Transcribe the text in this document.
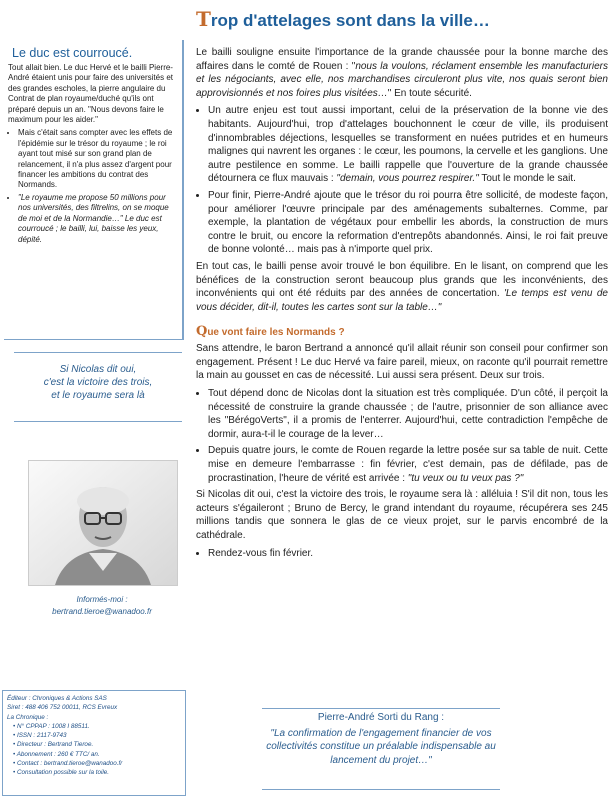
Le duc est courroucé.

Tout allait bien. Le duc Hervé et le bailli Pierre-André étaient unis pour faire des universités et des grandes escholes, la pierre angulaire du Contrat de plan royaume/duché qu'ils ont préparé depuis un an. "Nous devons faire le maximum pour les aider."

• Mais c'était sans compter avec les effets de l'épidémie sur le trésor du royaume ; le roi ayant tout misé sur son grand plan de relancement, il n'a plus assez d'argent pour financer les ambitions du contrat des Normands.
• "Le royaume me propose 50 millions pour nos universités, des filtrelins, on se moque de moi et de la Normandie…" Le duc est courroucé ; le bailli, lui, baisse les yeux, dépité.
Si Nicolas dit oui,
c'est la victoire des trois,
et le royaume sera là
Informés-moi :
bertrand.tieroe@wanadoo.fr
Éditeur : Chroniques & Actions SAS
Siret : 488 406 752 00011, RCS Evreux
La Chronique :
• N° CPPAP : 1008 I 88511.
• ISSN : 2117-9743
• Directeur : Bertrand Tieroe.
• Abonnement : 260 € TTC/ an.
• Contact : bertrand.tieroe@wanadoo.fr
• Consultation possible sur la toile.
Trop d'attelages sont dans la ville…

Le bailli souligne ensuite l'importance de la grande chaussée pour la bonne marche des affaires dans le comté de Rouen : "nous la voulons, réclament ensemble les manufacturiers et les négociants, avec elle, nos marchandises circuleront plus vite, nos quais seront bien approvisionnés et nos foires plus visitées…" En toute sécurité.

• Un autre enjeu est tout aussi important, celui de la préservation de la bonne vie des habitants. Aujourd'hui, trop d'attelages bouchonnent le cœur de ville, ils produisent d'innombrables déjections, lesquelles se transforment en nuées putrides et en humeurs malignes qui navrent les organes : le cœur, les poumons, la cervelle et les ganglions. Une autre pestilence en somme. Le bailli rappelle que l'ouverture de la grande chaussée détournera ce flux mauvais : "demain, vous pourrez respirer." Tout le monde le sait.
• Pour finir, Pierre-André ajoute que le trésor du roi pourra être sollicité, de modeste façon, pour améliorer l'œuvre principale par des aménagements subalternes. Comme, par exemple, la plantation de végétaux pour embellir les abords, la construction de murs contre le bruit, ou encore la reformation d'entrepôts abandonnés. Ainsi, le roi fait preuve de bonne volonté… mais pas à n'importe quel prix.

En tout cas, le bailli pense avoir trouvé le bon équilibre. En le lisant, on comprend que les bénéfices de la construction seront beaucoup plus grands que les inconvénients, des inconvénients qui ont été réduits par des années de concertation. 'Le temps est venu de vous décider, dit-il, toutes les cartes sont sur la table…"

Que vont faire les Normands ?

Sans attendre, le baron Bertrand a annoncé qu'il allait réunir son conseil pour confirmer son engagement. Présent ! Le duc Hervé va faire pareil, mieux, on raconte qu'il pourrait remettre la main au gousset en cas de nécessité. Lui aussi sera présent. Deux sur trois.

• Tout dépend donc de Nicolas dont la situation est très compliquée. D'un côté, il perçoit la nécessité de construire la grande chaussée ; de l'autre, prisonnier de son alliance avec les "BérégoVerts", il a promis de l'enterrer. Aujourd'hui, cette contradiction l'empêche de dormir, aura-t-il le courage de la lever…
• Depuis quatre jours, le comte de Rouen regarde la lettre posée sur sa table de nuit. Cette mise en demeure l'embarrasse : fin février, c'est demain, pas de défilade, pas de procrastination, l'heure de vérité est arrivée : "tu veux ou tu veux pas ?"

Si Nicolas dit oui, c'est la victoire des trois, le royaume sera là : alléluia ! S'il dit non, tous les acteurs s'égaileront ; Bruno de Bercy, le grand intendant du royaume, récupérera ses 245 millions tandis que sonnera le glas de ce vieux projet, sur le parvis encombré de la cathédrale.

• Rendez-vous fin février.
Pierre-André Sorti du Rang :
"La confirmation de l'engagement financier de vos collectivités constitue un préalable indispensable au lancement du projet…"
